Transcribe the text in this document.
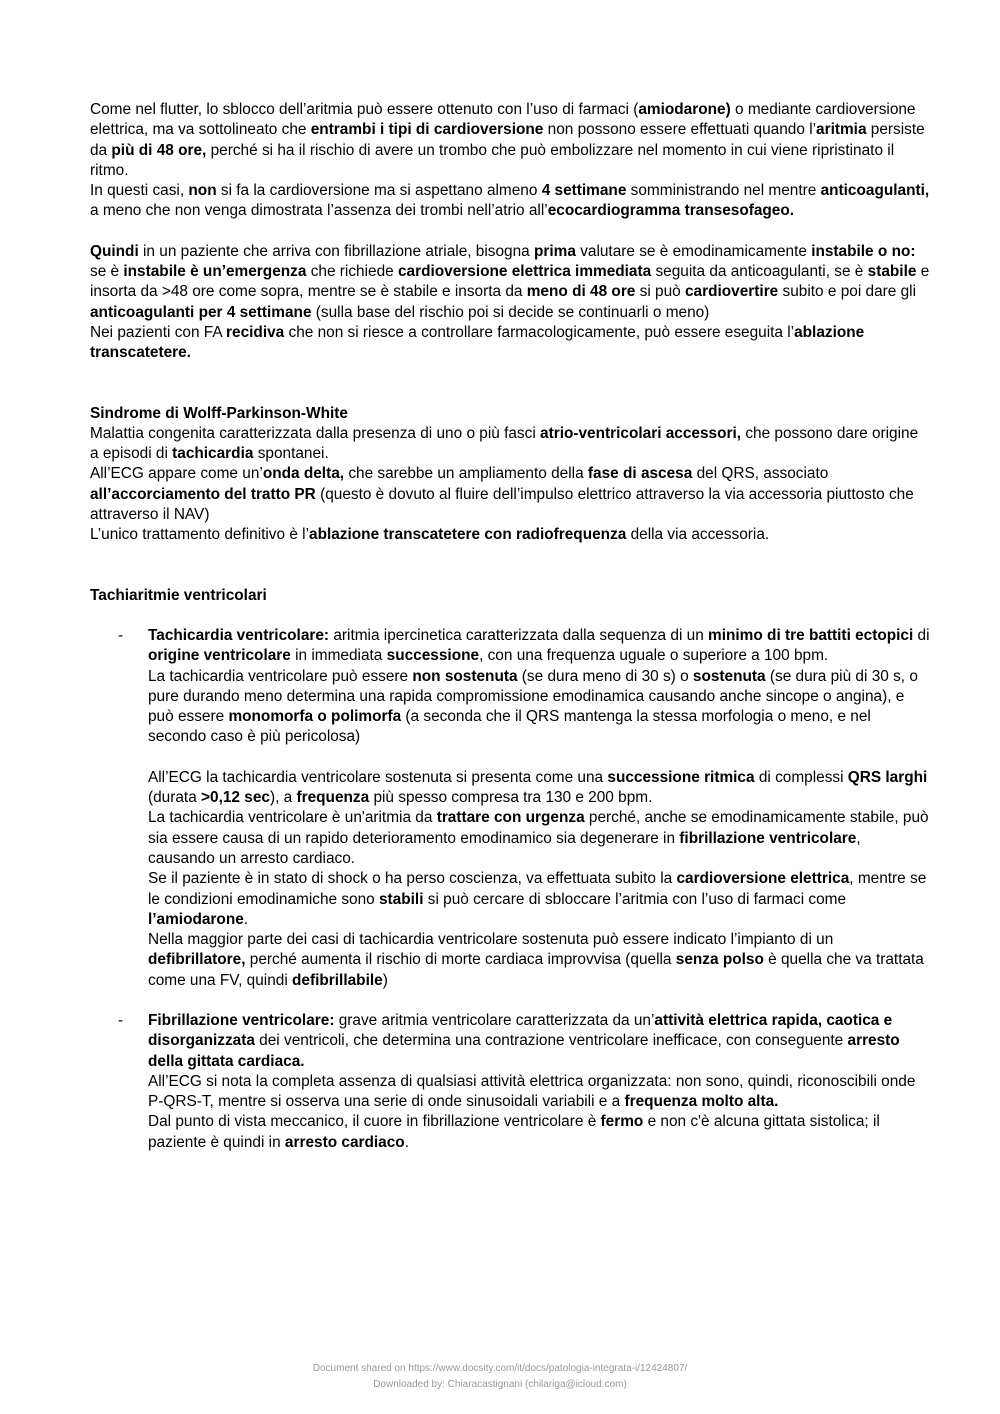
Come nel flutter, lo sblocco dell’aritmia può essere ottenuto con l’uso di farmaci (amiodarone) o mediante cardioversione elettrica, ma va sottolineato che entrambi i tipi di cardioversione non possono essere effettuati quando l’aritmia persiste da più di 48 ore, perché si ha il rischio di avere un trombo che può embolizzare nel momento in cui viene ripristinato il ritmo.

In questi casi, non si fa la cardioversione ma si aspettano almeno 4 settimane somministrando nel mentre anticoagulanti, a meno che non venga dimostrata l’assenza dei trombi nell’atrio all’ecocardiogramma transesofageo.

Quindi in un paziente che arriva con fibrillazione atriale, bisogna prima valutare se è emodinamicamente instabile o no: se è instabile è un’emergenza che richiede cardioversione elettrica immediata seguita da anticoagulanti, se è stabile e insorta da >48 ore come sopra, mentre se è stabile e insorta da meno di 48 ore si può cardiovertire subito e poi dare gli anticoagulanti per 4 settimane (sulla base del rischio poi si decide se continuarli o meno)

Nei pazienti con FA recidiva che non si riesce a controllare farmacologicamente, può essere eseguita l’ablazione transcatetere.

Sindrome di Wolff-Parkinson-White

Malattia congenita caratterizzata dalla presenza di uno o più fasci atrio-ventricolari accessori, che possono dare origine a episodi di tachicardia spontanei.

All’ECG appare come un’onda delta, che sarebbe un ampliamento della fase di ascesa del QRS, associato all’accorciamento del tratto PR (questo è dovuto al fluire dell’impulso elettrico attraverso la via accessoria piuttosto che attraverso il NAV)

L’unico trattamento definitivo è l’ablazione transcatetere con radiofrequenza della via accessoria.

Tachiaritmie ventricolari

- Tachicardia ventricolare: aritmia ipercinetica caratterizzata dalla sequenza di un minimo di tre battiti ectopici di origine ventricolare in immediata successione, con una frequenza uguale o superiore a 100 bpm.

La tachicardia ventricolare può essere non sostenuta (se dura meno di 30 s) o sostenuta (se dura più di 30 s, o pure durando meno determina una rapida compromissione emodinamica causando anche sincope o angina), e può essere monomorfa o polimorfa (a seconda che il QRS mantenga la stessa morfologia o meno, e nel secondo caso è più pericolosa)

All’ECG la tachicardia ventricolare sostenuta si presenta come una successione ritmica di complessi QRS larghi (durata >0,12 sec), a frequenza più spesso compresa tra 130 e 200 bpm.

La tachicardia ventricolare è un'aritmia da trattare con urgenza perché, anche se emodinamicamente stabile, può sia essere causa di un rapido deterioramento emodinamico sia degenerare in fibrillazione ventricolare, causando un arresto cardiaco.

Se il paziente è in stato di shock o ha perso coscienza, va effettuata subito la cardioversione elettrica, mentre se le condizioni emodinamiche sono stabili si può cercare di sbloccare l’aritmia con l’uso di farmaci come l’amiodarone.

Nella maggior parte dei casi di tachicardia ventricolare sostenuta può essere indicato l’impianto di un defibrillatore, perché aumenta il rischio di morte cardiaca improvvisa (quella senza polso è quella che va trattata come una FV, quindi defibrillabile)

- Fibrillazione ventricolare: grave aritmia ventricolare caratterizzata da un’attività elettrica rapida, caotica e disorganizzata dei ventricoli, che determina una contrazione ventricolare inefficace, con conseguente arresto della gittata cardiaca.

All’ECG si nota la completa assenza di qualsiasi attività elettrica organizzata: non sono, quindi, riconoscibili onde P-QRS-T, mentre si osserva una serie di onde sinusoidali variabili e a frequenza molto alta.

Dal punto di vista meccanico, il cuore in fibrillazione ventricolare è fermo e non c'è alcuna gittata sistolica; il paziente è quindi in arresto cardiaco.

Document shared on https://www.docsity.com/it/docs/patologia-integrata-i/12424807/
Downloaded by: Chiaracastignani (chilariga@icloud.com)
